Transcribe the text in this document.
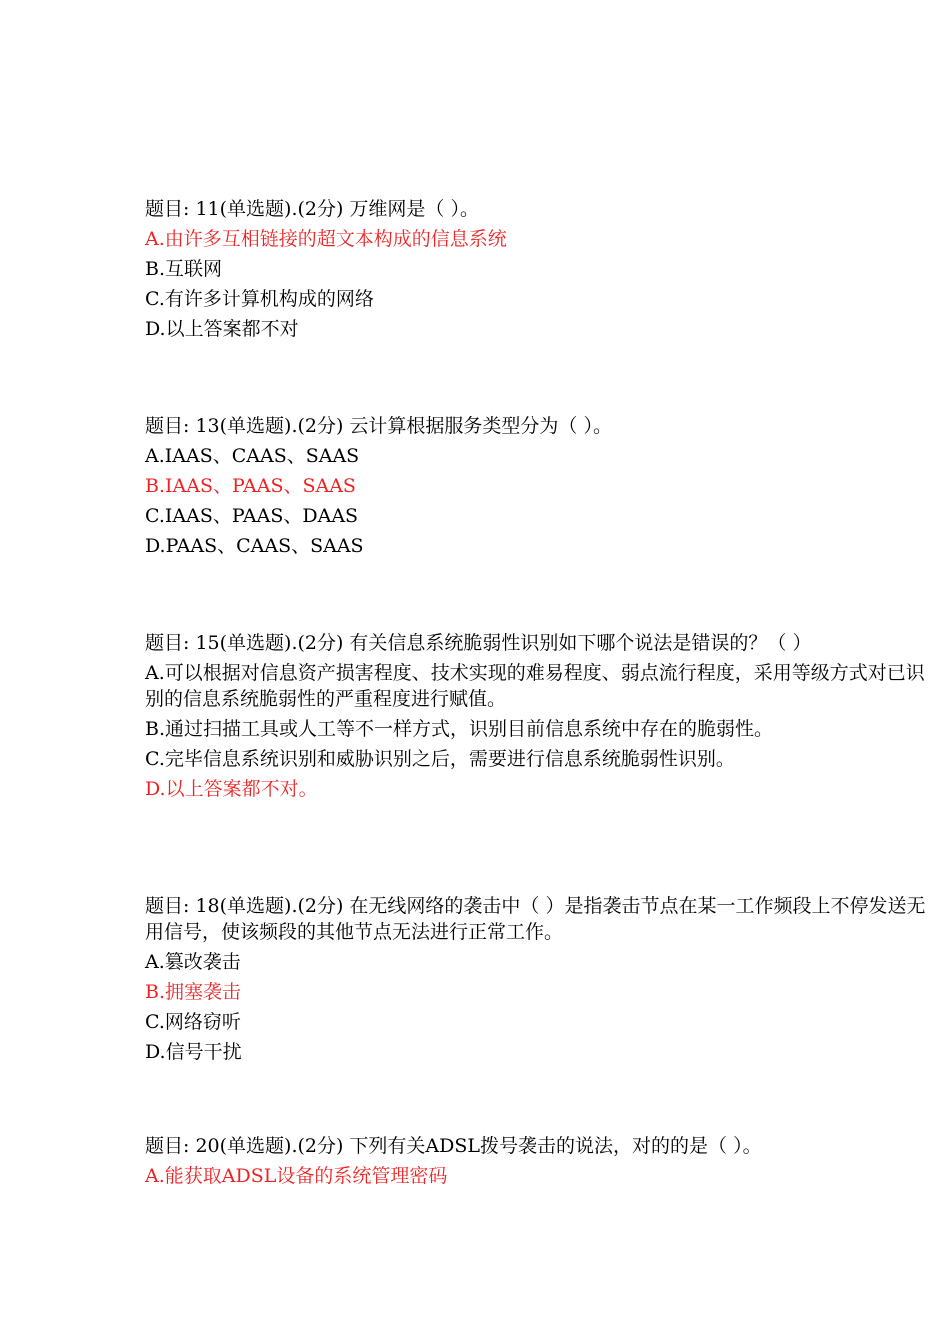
题目: 11(单选题).(2分) 万维网是（ ）。
A.由许多互相链接的超文本构成的信息系统
B.互联网
C.有许多计算机构成的网络
D.以上答案都不对
题目: 13(单选题).(2分) 云计算根据服务类型分为（ ）。
A.IAAS、CAAS、SAAS
B.IAAS、PAAS、SAAS
C.IAAS、PAAS、DAAS
D.PAAS、CAAS、SAAS
题目: 15(单选题).(2分) 有关信息系统脆弱性识别如下哪个说法是错误的？（ ）
A.可以根据对信息资产损害程度、技术实现的难易程度、弱点流行程度，采用等级方式对已识别的信息系统脆弱性的严重程度进行赋值。
B.通过扫描工具或人工等不一样方式，识别目前信息系统中存在的脆弱性。
C.完毕信息系统识别和威胁识别之后，需要进行信息系统脆弱性识别。
D.以上答案都不对。
题目: 18(单选题).(2分) 在无线网络的袭击中（ ）是指袭击节点在某一工作频段上不停发送无用信号，使该频段的其他节点无法进行正常工作。
A.篡改袭击
B.拥塞袭击
C.网络窃听
D.信号干扰
题目: 20(单选题).(2分) 下列有关ADSL拨号袭击的说法，对的的是（ ）。
A.能获取ADSL设备的系统管理密码
